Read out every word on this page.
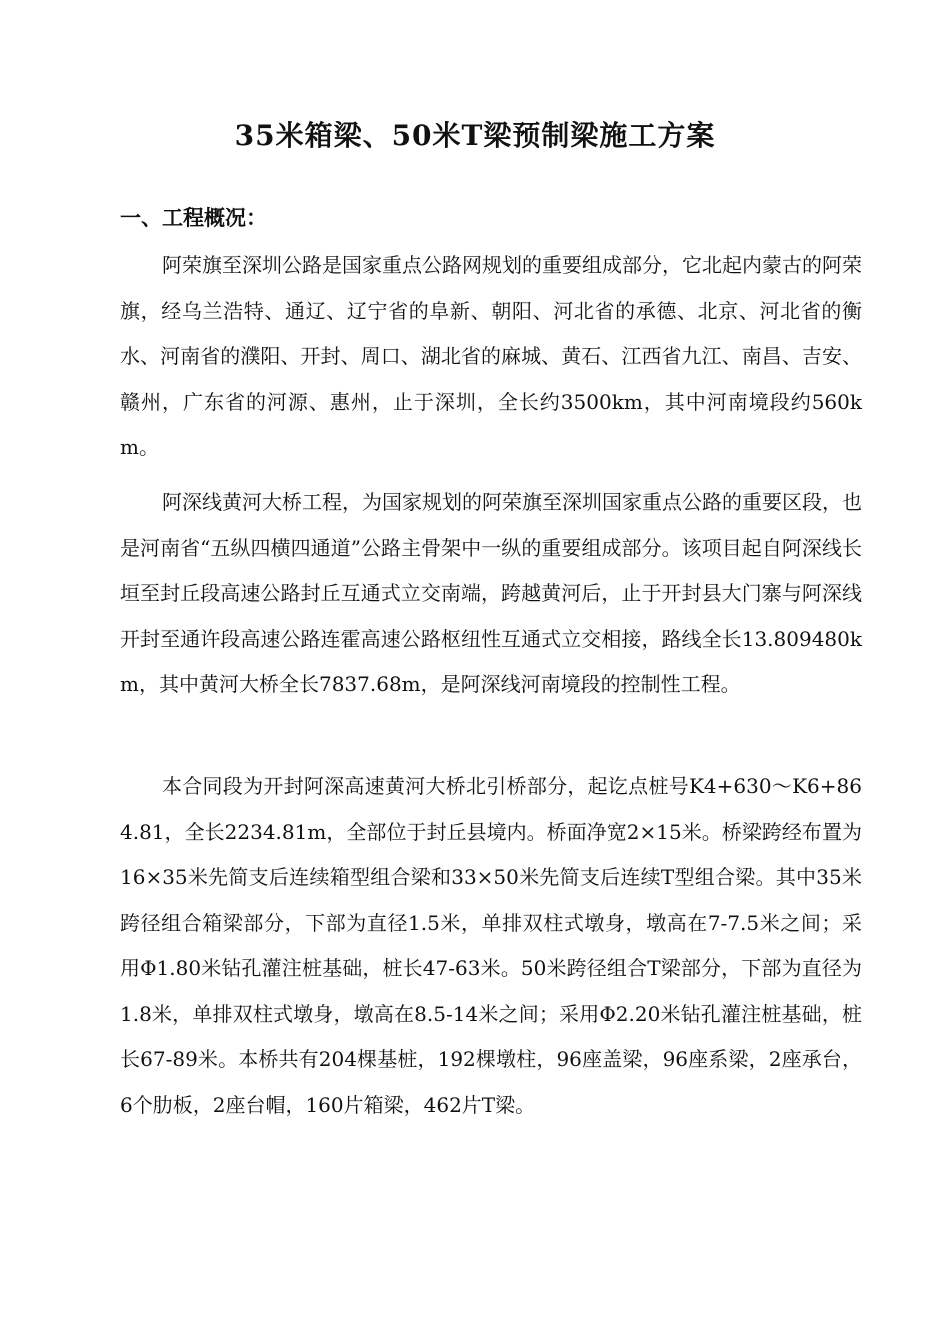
35米箱梁、50米T梁预制梁施工方案
一、工程概况：

阿荣旗至深圳公路是国家重点公路网规划的重要组成部分，它北起内蒙古的阿荣旗，经乌兰浩特、通辽、辽宁省的阜新、朝阳、河北省的承德、北京、河北省的衡水、河南省的濮阳、开封、周口、湖北省的麻城、黄石、江西省九江、南昌、吉安、赣州，广东省的河源、惠州，止于深圳，全长约3500km，其中河南境段约560km。

阿深线黄河大桥工程，为国家规划的阿荣旗至深圳国家重点公路的重要区段，也是河南省“五纵四横四通道”公路主骨架中一纵的重要组成部分。该项目起自阿深线长垣至封丘段高速公路封丘互通式立交南端，跨越黄河后，止于开封县大门寨与阿深线开封至通许段高速公路连霍高速公路枢纽性互通式立交相接，路线全长13.809480km，其中黄河大桥全长7837.68m，是阿深线河南境段的控制性工程。

本合同段为开封阿深高速黄河大桥北引桥部分，起讫点桩号K4+630～K6+864.81，全长2234.81m，全部位于封丘县境内。桥面净宽2×15米。桥梁跨经布置为16×35米先简支后连续箱型组合梁和33×50米先简支后连续T型组合梁。其中35米跨径组合箱梁部分，下部为直径1.5米，单排双柱式墩身，墩高在7-7.5米之间；采用Φ1.80米钻孔灌注桩基础，桩长47-63米。50米跨径组合T梁部分，下部为直径为1.8米，单排双柱式墩身，墩高在8.5-14米之间；采用Φ2.20米钻孔灌注桩基础，桩长67-89米。本桥共有204棵基桩，192棵墩柱，96座盖梁，96座系梁，2座承台，6个肋板，2座台帽，160片箱梁，462片T梁。
